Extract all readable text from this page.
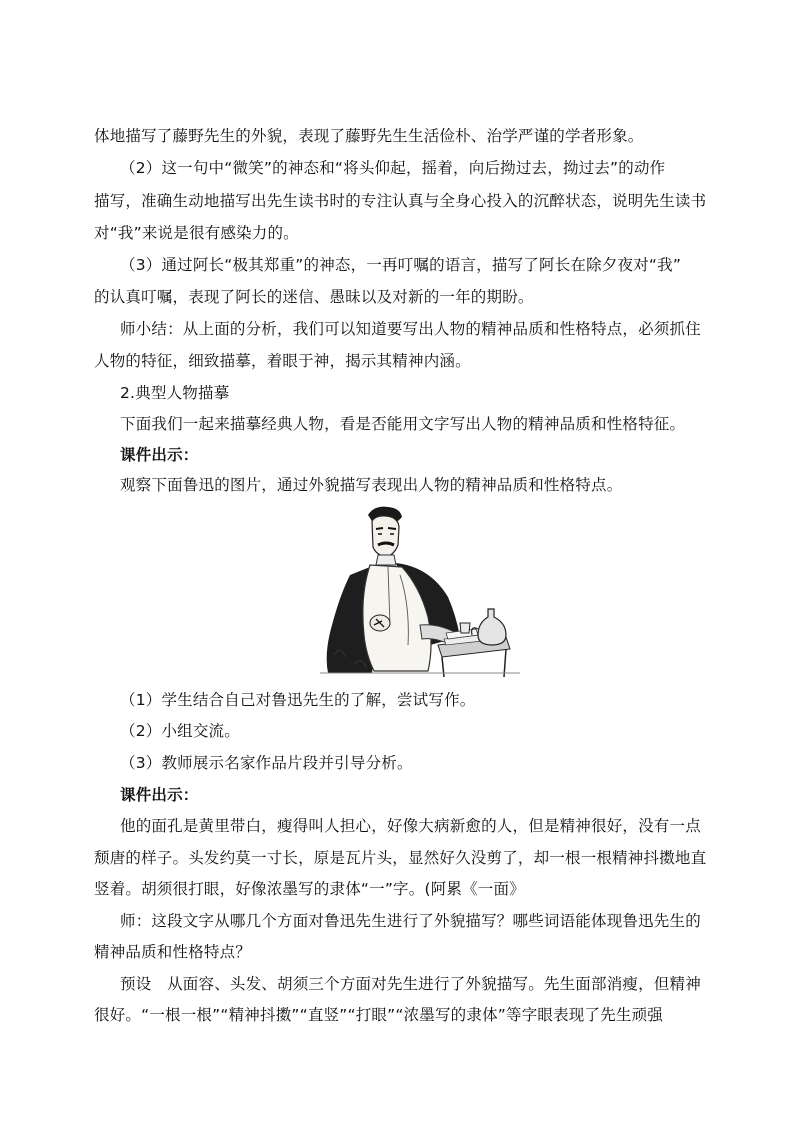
体地描写了藤野先生的外貌，表现了藤野先生生活俭朴、治学严谨的学者形象。
（2）这一句中“微笑”的神态和“将头仰起，摇着，向后拗过去，拗过去”的动作
描写，准确生动地描写出先生读书时的专注认真与全身心投入的沉醉状态，说明先生读书
对“我”来说是很有感染力的。
（3）通过阿长“极其郑重”的神态，一再叮嘱的语言，描写了阿长在除夕夜对“我”
的认真叮嘱，表现了阿长的迷信、愚昧以及对新的一年的期盼。
师小结：从上面的分析，我们可以知道要写出人物的精神品质和性格特点，必须抓住
人物的特征，细致描摹，着眼于神，揭示其精神内涵。
2.典型人物描摹
下面我们一起来描摹经典人物，看是否能用文字写出人物的精神品质和性格特征。
课件出示：
观察下面鲁迅的图片，通过外貌描写表现出人物的精神品质和性格特点。
（1）学生结合自己对鲁迅先生的了解，尝试写作。
（2）小组交流。
（3）教师展示名家作品片段并引导分析。
课件出示：
他的面孔是黄里带白，瘦得叫人担心，好像大病新愈的人，但是精神很好，没有一点
颓唐的样子。头发约莫一寸长，原是瓦片头，显然好久没剪了，却一根一根精神抖擞地直
竖着。胡须很打眼，好像浓墨写的隶体“一”字。(阿累《一面》
师：这段文字从哪几个方面对鲁迅先生进行了外貌描写？哪些词语能体现鲁迅先生的
精神品质和性格特点？
预设　从面容、头发、胡须三个方面对先生进行了外貌描写。先生面部消瘦，但精神
很好。“一根一根”“精神抖擞”“直竖”“打眼”“浓墨写的隶体”等字眼表现了先生顽强
